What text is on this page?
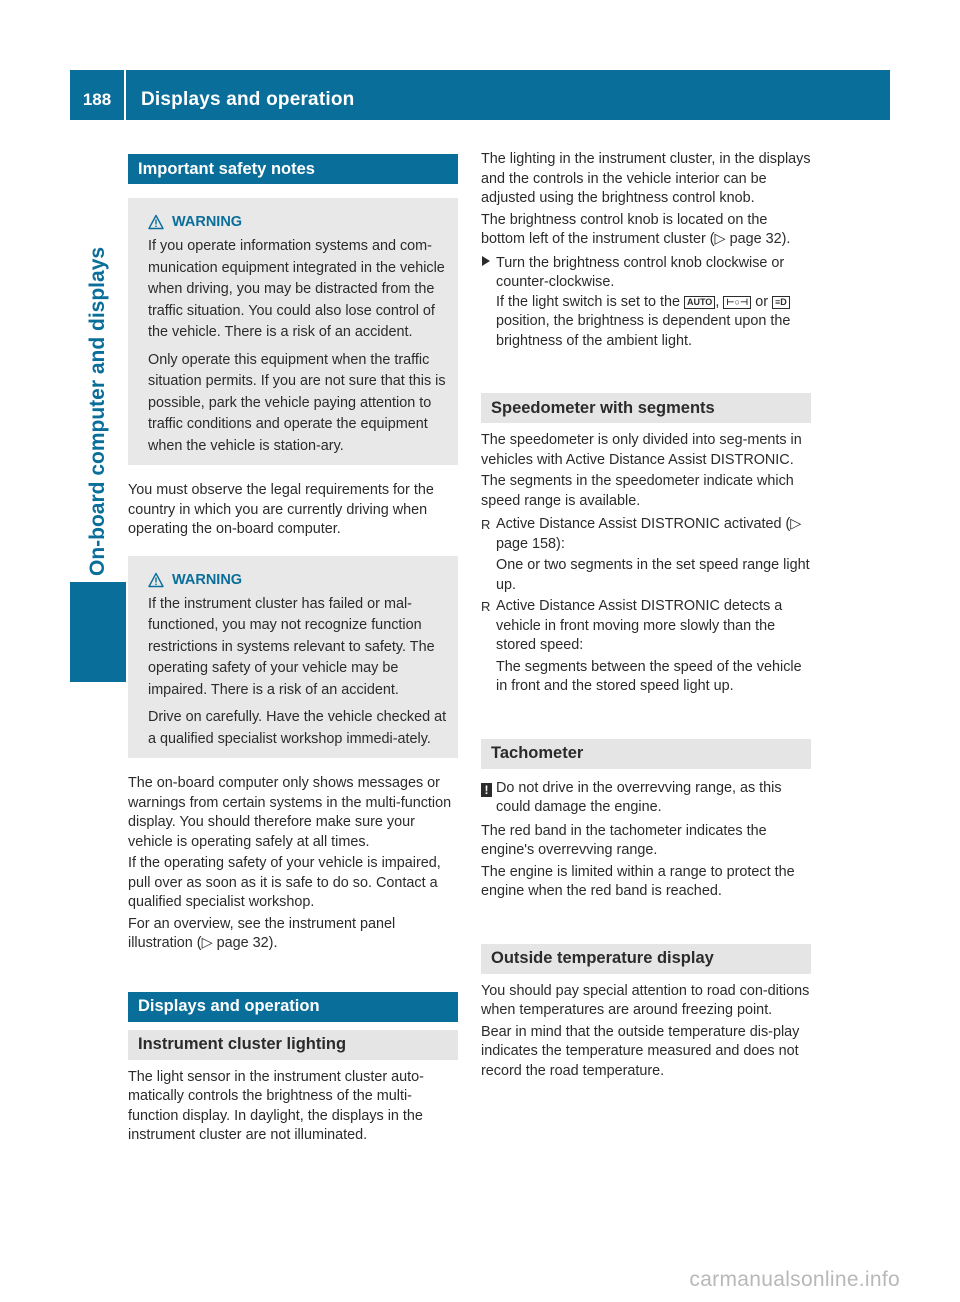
188	Displays and operation
On-board computer and displays
Important safety notes
WARNING

If you operate information systems and com-munication equipment integrated in the vehicle when driving, you may be distracted from the traffic situation. You could also lose control of the vehicle. There is a risk of an accident.

Only operate this equipment when the traffic situation permits. If you are not sure that this is possible, park the vehicle paying attention to traffic conditions and operate the equipment when the vehicle is station-ary.

You must observe the legal requirements for the country in which you are currently driving when operating the on-board computer.

WARNING

If the instrument cluster has failed or mal-functioned, you may not recognize function restrictions in systems relevant to safety. The operating safety of your vehicle may be impaired. There is a risk of an accident.

Drive on carefully. Have the vehicle checked at a qualified specialist workshop immedi-ately.

The on-board computer only shows messages or warnings from certain systems in the multi-function display. You should therefore make sure your vehicle is operating safely at all times.

If the operating safety of your vehicle is impaired, pull over as soon as it is safe to do so. Contact a qualified specialist workshop.

For an overview, see the instrument panel illustration (▷ page 32).

Displays and operation
Instrument cluster lighting

The light sensor in the instrument cluster auto-matically controls the brightness of the multi-function display. In daylight, the displays in the instrument cluster are not illuminated.

The lighting in the instrument cluster, in the displays and the controls in the vehicle interior can be adjusted using the brightness control knob.

The brightness control knob is located on the bottom left of the instrument cluster (▷ page 32).

Turn the brightness control knob clockwise or counter-clockwise.

If the light switch is set to the AUTO , ⊢○⊣ or ≡D position, the brightness is dependent upon the brightness of the ambient light.

Speedometer with segments

The speedometer is only divided into seg-ments in vehicles with Active Distance Assist DISTRONIC.

The segments in the speedometer indicate which speed range is available.

R Active Distance Assist DISTRONIC activated (▷ page 158):

One or two segments in the set speed range light up.

R Active Distance Assist DISTRONIC detects a vehicle in front moving more slowly than the stored speed:

The segments between the speed of the vehicle in front and the stored speed light up.

Tachometer
! Do not drive in the overrevving range, as this could damage the engine.

The red band in the tachometer indicates the engine's overrevving range.

The engine is limited within a range to protect the engine when the red band is reached.

Outside temperature display

You should pay special attention to road con-ditions when temperatures are around freezing point.

Bear in mind that the outside temperature dis-play indicates the temperature measured and does not record the road temperature.

carmanualsonline.info
